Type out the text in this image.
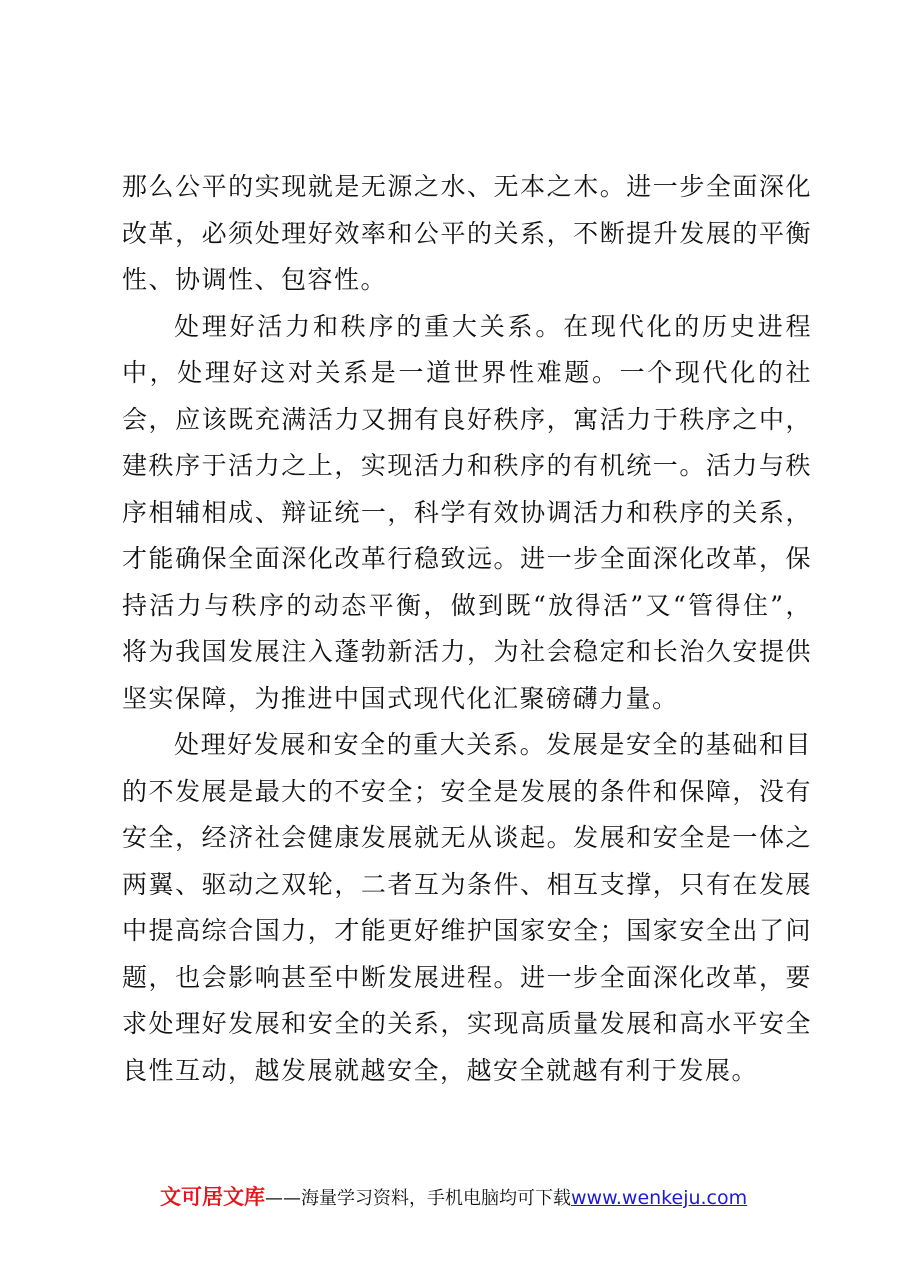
那么公平的实现就是无源之水、无本之木。进一步全面深化改革，必须处理好效率和公平的关系，不断提升发展的平衡性、协调性、包容性。

处理好活力和秩序的重大关系。在现代化的历史进程中，处理好这对关系是一道世界性难题。一个现代化的社会，应该既充满活力又拥有良好秩序，寓活力于秩序之中，建秩序于活力之上，实现活力和秩序的有机统一。活力与秩序相辅相成、辩证统一，科学有效协调活力和秩序的关系，才能确保全面深化改革行稳致远。进一步全面深化改革，保持活力与秩序的动态平衡，做到既“放得活”又“管得住”，将为我国发展注入蓬勃新活力，为社会稳定和长治久安提供坚实保障，为推进中国式现代化汇聚磅礴力量。

处理好发展和安全的重大关系。发展是安全的基础和目的不发展是最大的不安全；安全是发展的条件和保障，没有安全，经济社会健康发展就无从谈起。发展和安全是一体之两翼、驱动之双轮，二者互为条件、相互支撑，只有在发展中提高综合国力，才能更好维护国家安全；国家安全出了问题，也会影响甚至中断发展进程。进一步全面深化改革，要求处理好发展和安全的关系，实现高质量发展和高水平安全良性互动，越发展就越安全，越安全就越有利于发展。

文可居文库——海量学习资料，手机电脑均可下载www.wenkeju.com
